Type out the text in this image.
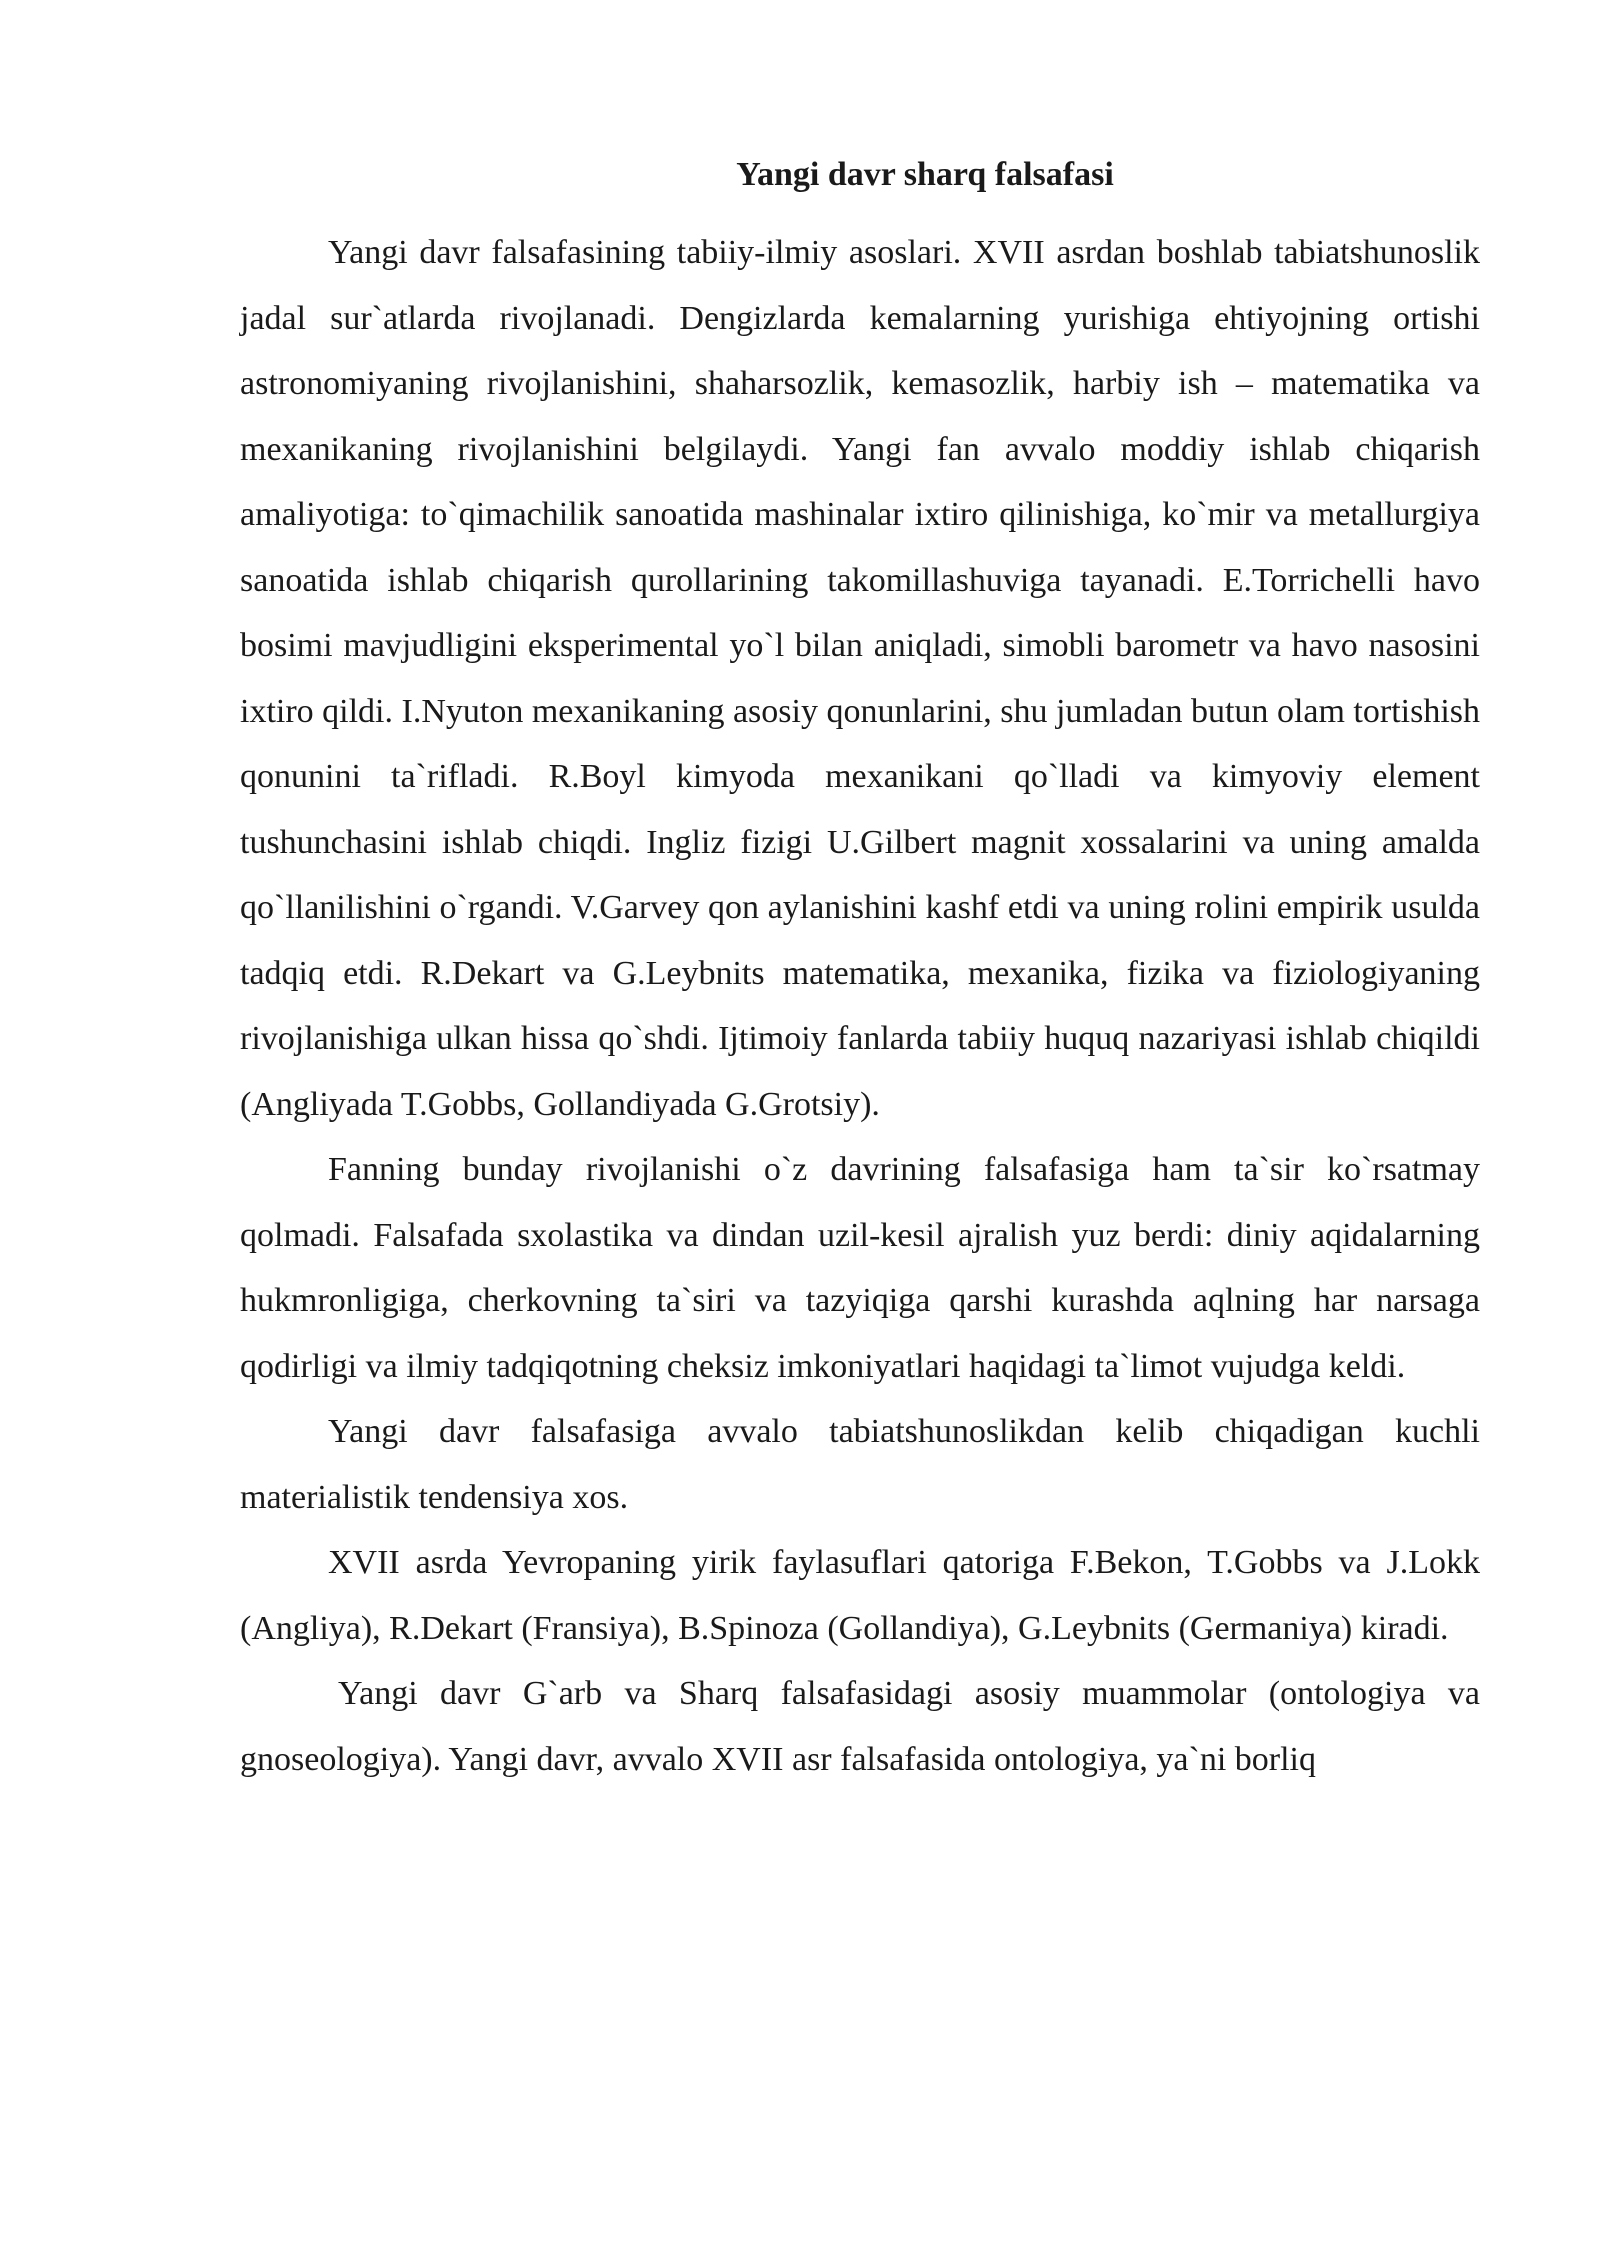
Yangi davr sharq falsafasi

Yangi davr falsafasining tabiiy-ilmiy asoslari. XVII asrdan boshlab tabiatshunoslik jadal sur`atlarda rivojlanadi. Dengizlarda kemalarning yurishiga ehtiyojning ortishi astronomiyaning rivojlanishini, shaharsozlik, kemasozlik, harbiy ish – matematika va mexanikaning rivojlanishini belgilaydi. Yangi fan avvalo moddiy ishlab chiqarish amaliyotiga: to`qimachilik sanoatida mashinalar ixtiro qilinishiga, ko`mir va metallurgiya sanoatida ishlab chiqarish qurollarining takomillashuviga tayanadi. E.Torrichelli havo bosimi mavjudligini eksperimental yo`l bilan aniqladi, simobli barometr va havo nasosini ixtiro qildi. I.Nyuton mexanikaning asosiy qonunlarini, shu jumladan butun olam tortishish qonunini ta`rifladi. R.Boyl kimyoda mexanikani qo`lladi va kimyoviy element tushunchasini ishlab chiqdi. Ingliz fizigi U.Gilbert magnit xossalarini va uning amalda qo`llanilishini o`rgandi. V.Garvey qon aylanishini kashf etdi va uning rolini empirik usulda tadqiq etdi. R.Dekart va G.Leybnits matematika, mexanika, fizika va fiziologiyaning rivojlanishiga ulkan hissa qo`shdi. Ijtimoiy fanlarda tabiiy huquq nazariyasi ishlab chiqildi (Angliyada T.Gobbs, Gollandiyada G.Grotsiy).

Fanning bunday rivojlanishi o`z davrining falsafasiga ham ta`sir ko`rsatmay qolmadi. Falsafada sxolastika va dindan uzil-kesil ajralish yuz berdi: diniy aqidalarning hukmronligiga, cherkovning ta`siri va tazyiqiga qarshi kurashda aqlning har narsaga qodirligi va ilmiy tadqiqotning cheksiz imkoniyatlari haqidagi ta`limot vujudga keldi.

Yangi davr falsafasiga avvalo tabiatshunoslikdan kelib chiqadigan kuchli materialistik tendensiya xos.

XVII asrda Yevropaning yirik faylasuflari qatoriga F.Bekon, T.Gobbs va J.Lokk (Angliya), R.Dekart (Fransiya), B.Spinoza (Gollandiya), G.Leybnits (Germaniya) kiradi.

Yangi davr G`arb va Sharq falsafasidagi asosiy muammolar (ontologiya va gnoseologiya). Yangi davr, avvalo XVII asr falsafasida ontologiya, ya`ni borliq
